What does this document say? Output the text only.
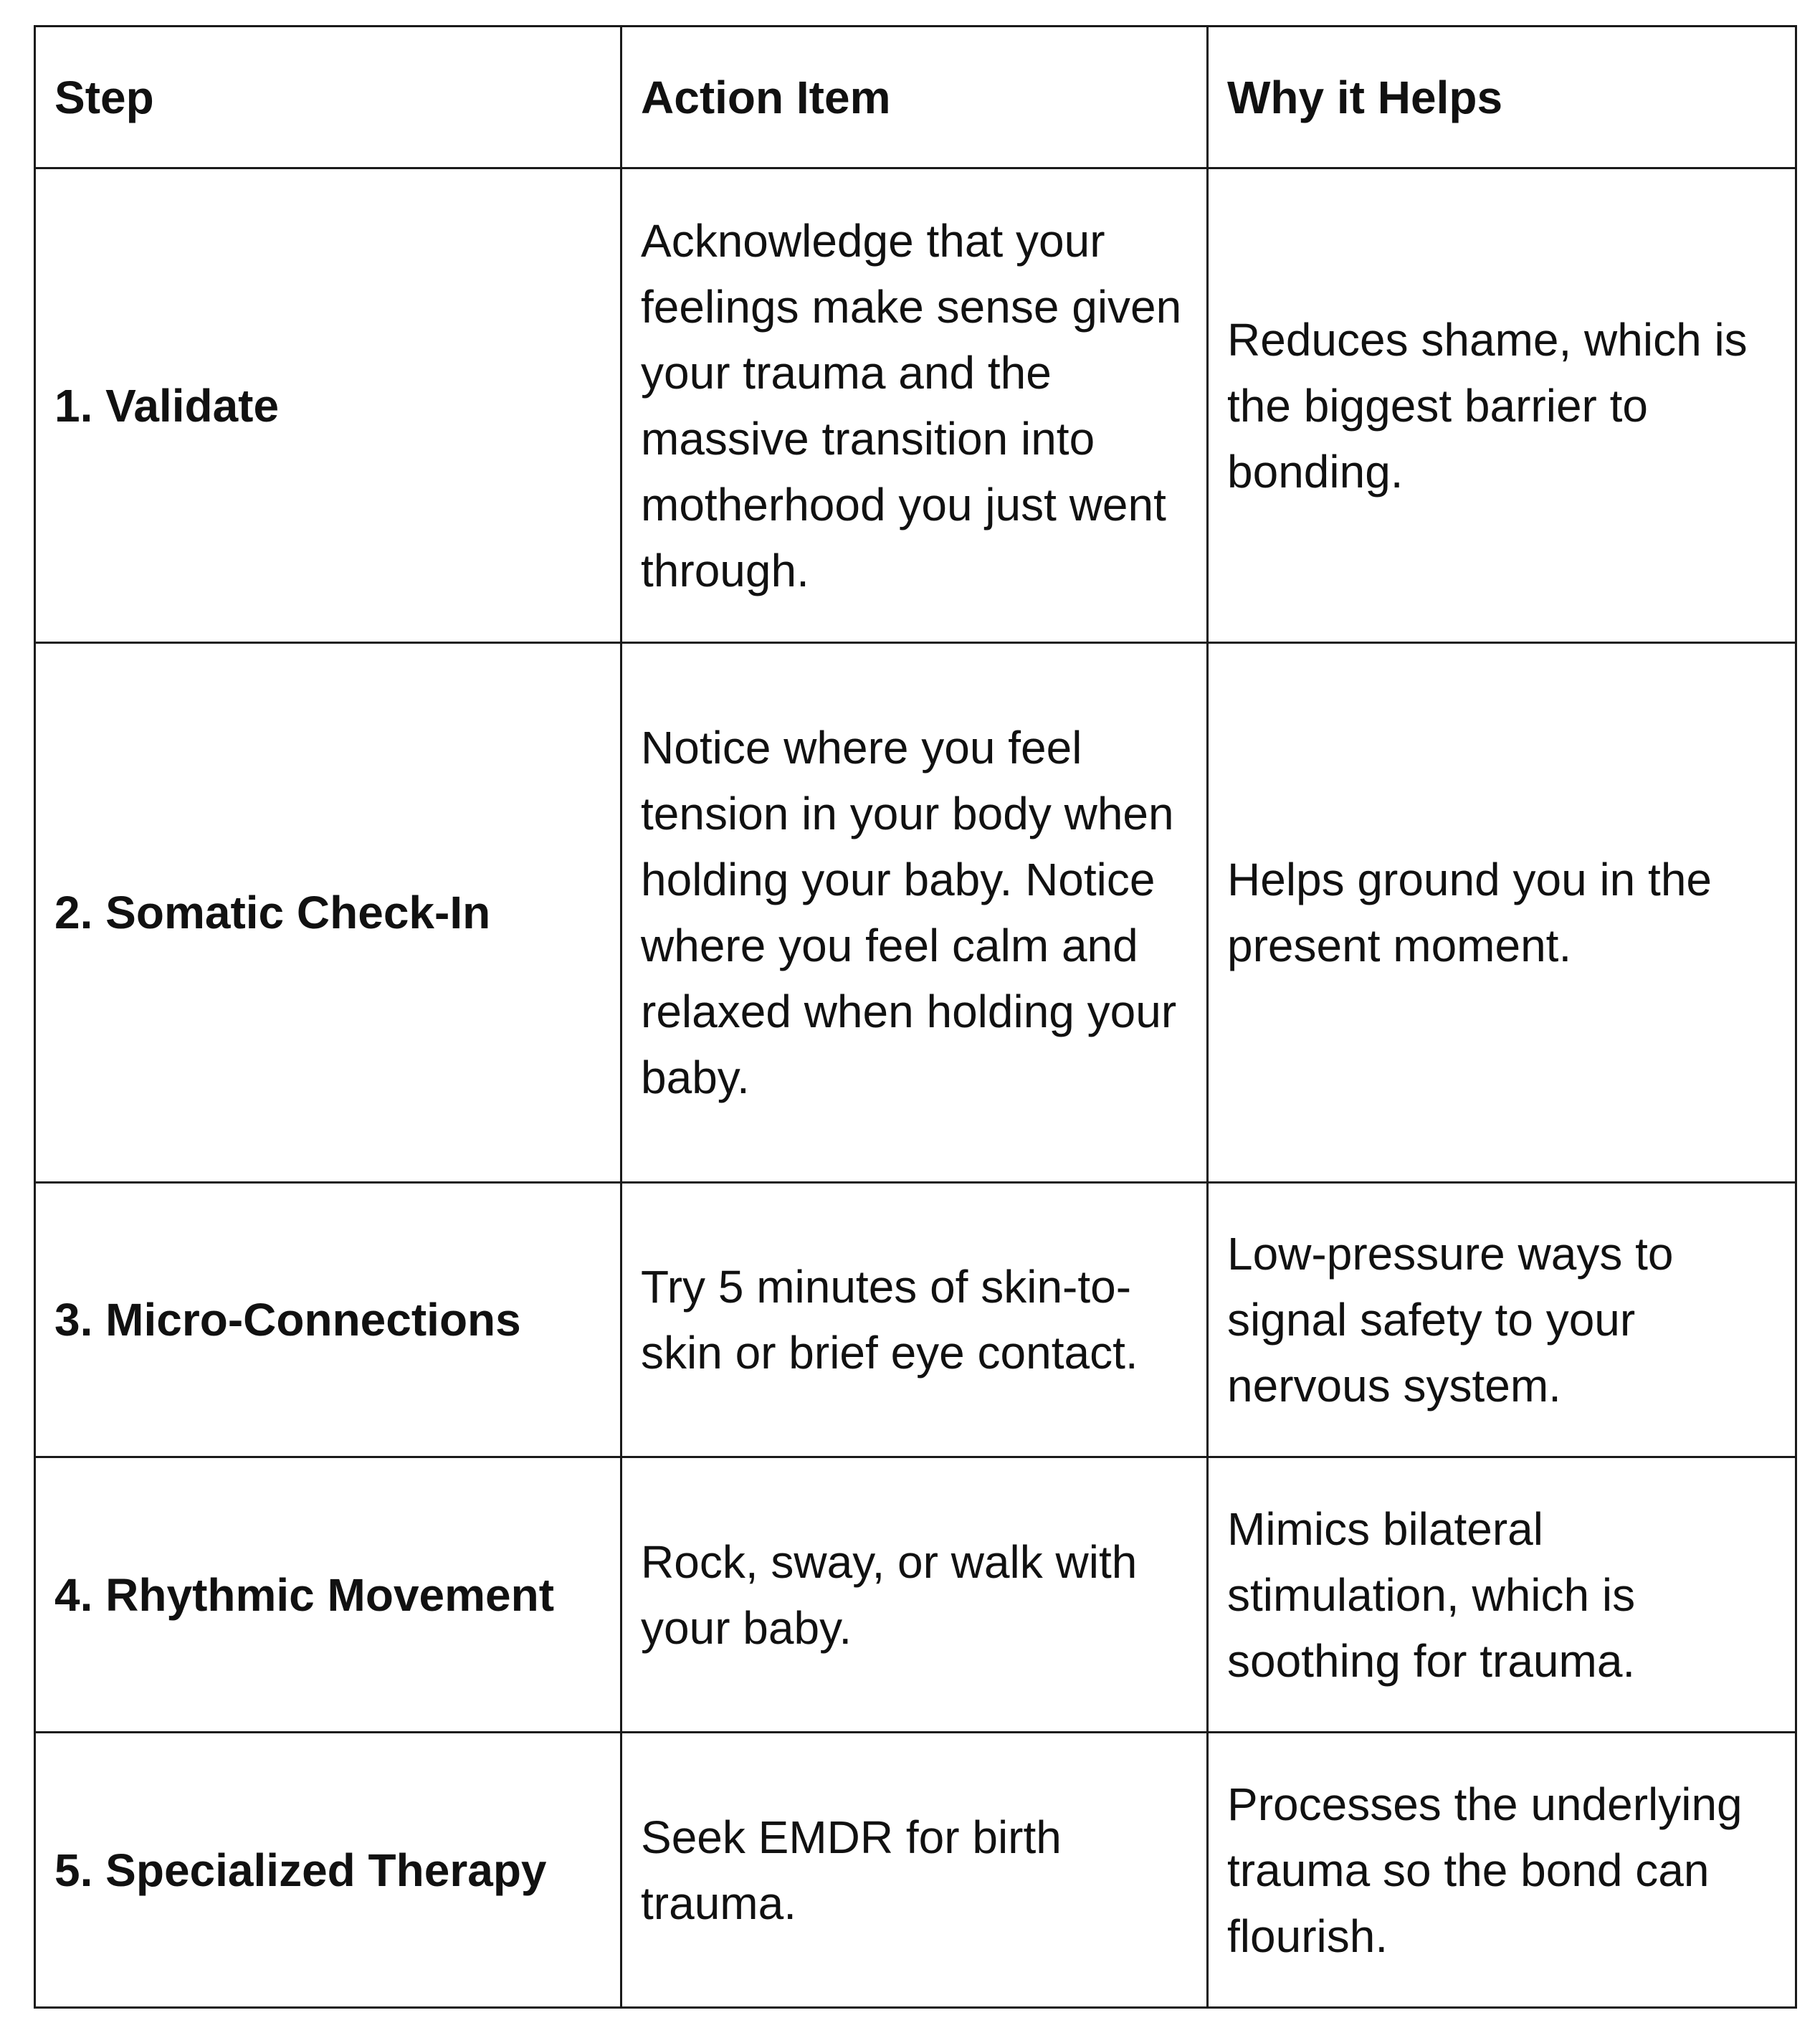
Step	Action Item	Why it Helps
1. Validate	Acknowledge that your feelings make sense given your trauma and the massive transition into motherhood you just went through.	Reduces shame, which is the biggest barrier to bonding.
2. Somatic Check-In	Notice where you feel tension in your body when holding your baby. Notice where you feel calm and relaxed when holding your baby.	Helps ground you in the present moment.
3. Micro-Connections	Try 5 minutes of skin-to-skin or brief eye contact.	Low-pressure ways to signal safety to your nervous system.
4. Rhythmic Movement	Rock, sway, or walk with your baby.	Mimics bilateral stimulation, which is soothing for trauma.
5. Specialized Therapy	Seek EMDR for birth trauma.	Processes the underlying trauma so the bond can flourish.
